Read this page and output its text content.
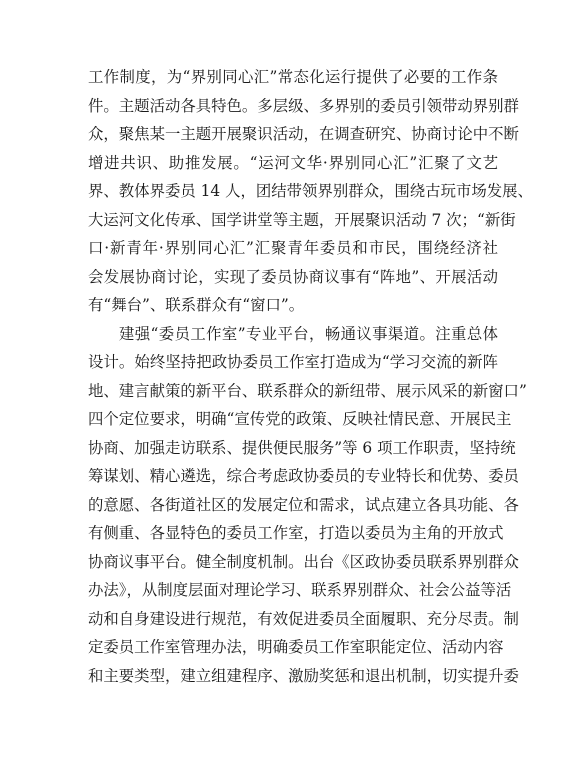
工作制度，为“界别同心汇”常态化运行提供了必要的工作条
件。主题活动各具特色。多层级、多界别的委员引领带动界别群
众，聚焦某一主题开展聚识活动，在调查研究、协商讨论中不断
增进共识、助推发展。“运河文华·界别同心汇”汇聚了文艺
界、教体界委员 14 人，团结带领界别群众，围绕古玩市场发展、
大运河文化传承、国学讲堂等主题，开展聚识活动 7 次；“新街
口·新青年·界别同心汇”汇聚青年委员和市民，围绕经济社
会发展协商讨论，实现了委员协商议事有“阵地”、开展活动
有“舞台”、联系群众有“窗口”。
建强“委员工作室”专业平台，畅通议事渠道。注重总体
设计。始终坚持把政协委员工作室打造成为“学习交流的新阵
地、建言献策的新平台、联系群众的新纽带、展示风采的新窗口”
四个定位要求，明确“宣传党的政策、反映社情民意、开展民主
协商、加强走访联系、提供便民服务”等 6 项工作职责，坚持统
筹谋划、精心遴选，综合考虑政协委员的专业特长和优势、委员
的意愿、各街道社区的发展定位和需求，试点建立各具功能、各
有侧重、各显特色的委员工作室，打造以委员为主角的开放式
协商议事平台。健全制度机制。出台《区政协委员联系界别群众
办法》，从制度层面对理论学习、联系界别群众、社会公益等活
动和自身建设进行规范，有效促进委员全面履职、充分尽责。制
定委员工作室管理办法，明确委员工作室职能定位、活动内容
和主要类型，建立组建程序、激励奖惩和退出机制，切实提升委
